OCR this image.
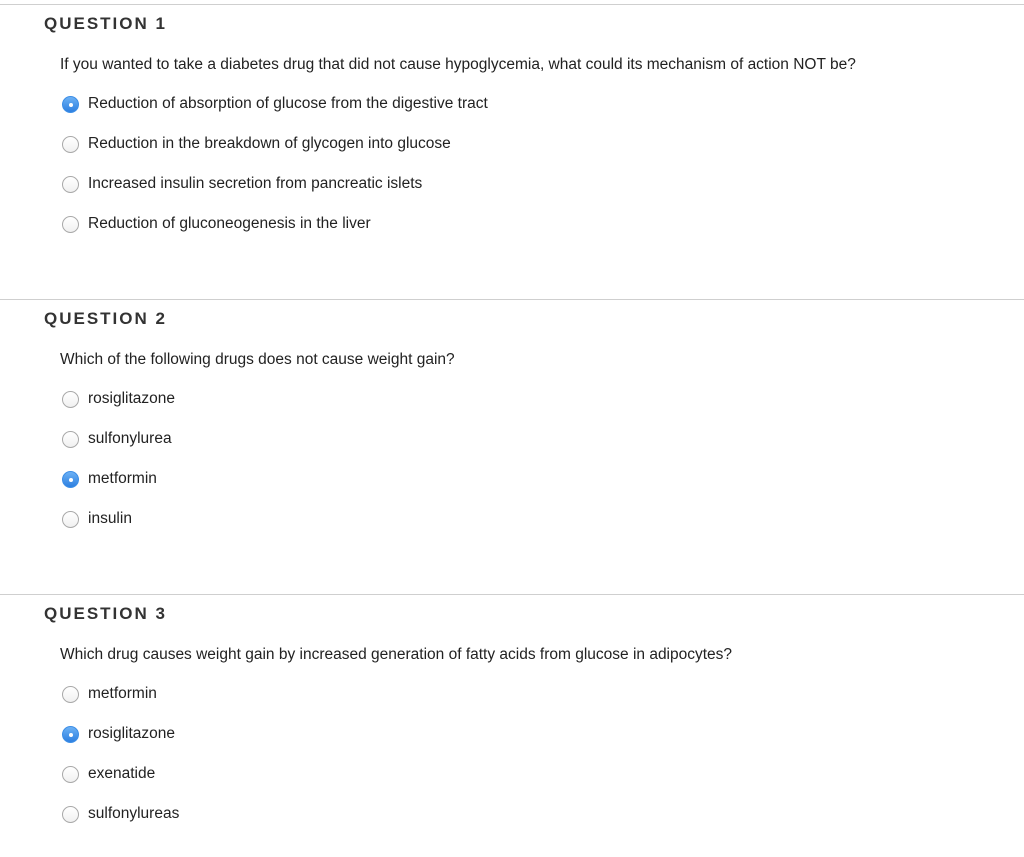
QUESTION 1
If you wanted to take a diabetes drug that did not cause hypoglycemia, what could its mechanism of action NOT be?
Reduction of absorption of glucose from the digestive tract
Reduction in the breakdown of glycogen into glucose
Increased insulin secretion from pancreatic islets
Reduction of gluconeogenesis in the liver
QUESTION 2
Which of the following drugs does not cause weight gain?
rosiglitazone
sulfonylurea
metformin
insulin
QUESTION 3
Which drug causes weight gain by increased generation of fatty acids from glucose in adipocytes?
metformin
rosiglitazone
exenatide
sulfonylureas
